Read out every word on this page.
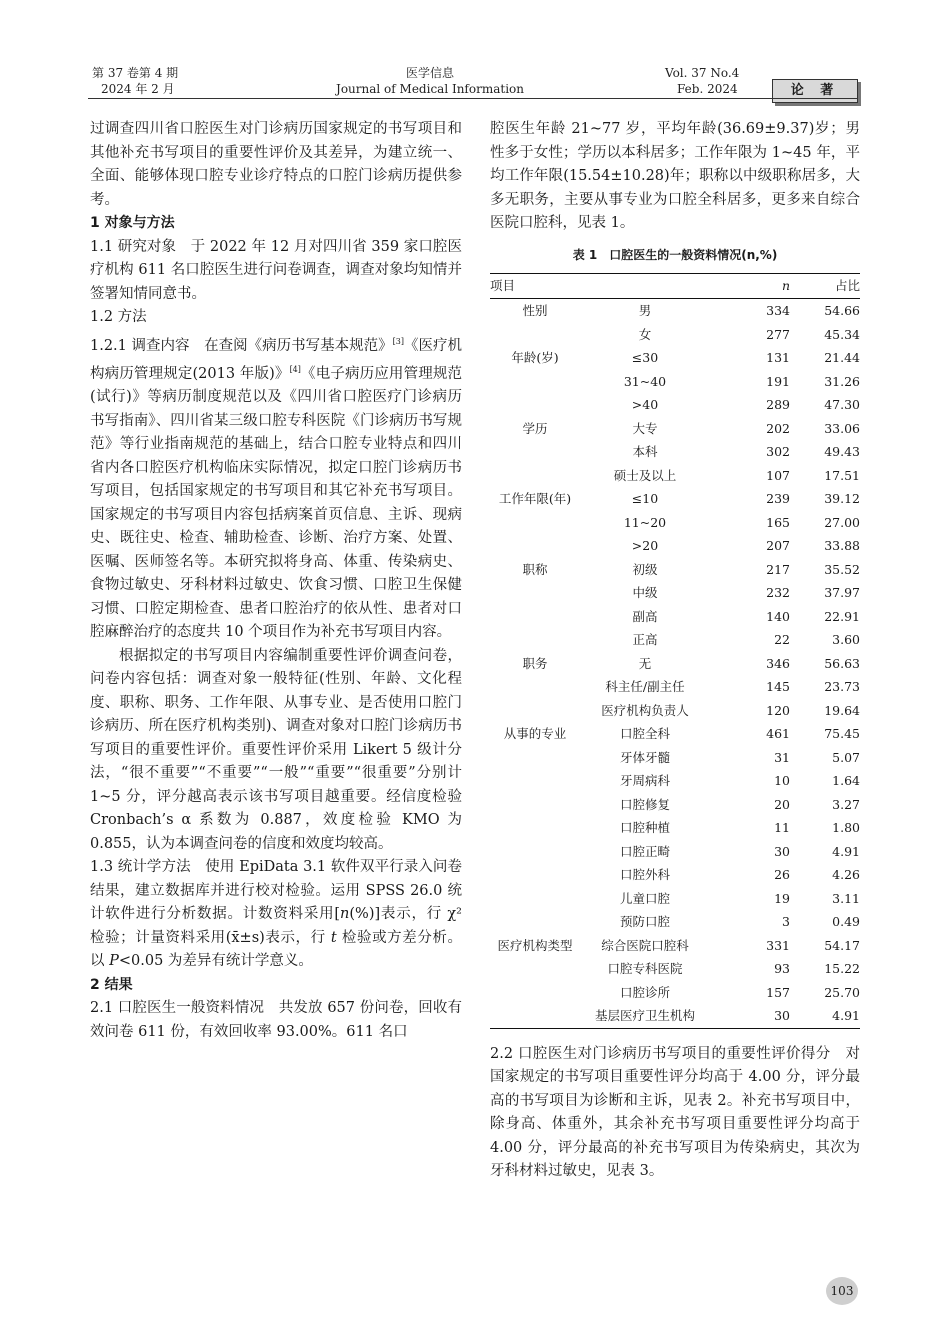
第 37 卷第 4 期
2024 年 2 月
医学信息
Journal of Medical Information
Vol. 37 No.4
Feb. 2024	论 著

过调查四川省口腔医生对门诊病历国家规定的书写项目和其他补充书写项目的重要性评价及其差异，为建立统一、全面、能够体现口腔专业诊疗特点的口腔门诊病历提供参考。

1 对象与方法

1.1 研究对象　 于 2022 年 12 月对四川省 359 家口腔医疗机构 611 名口腔医生进行问卷调查，调查对象均知情并签署知情同意书。

1.2 方法

1.2.1 调查内容　 在查阅《病历书写基本规范》[3]《医疗机构病历管理规定(2013 年版)》[4]《电子病历应用管理规范(试行)》等病历制度规范以及《四川省口腔医疗门诊病历书写指南》、四川省某三级口腔专科医院《门诊病历书写规范》等行业指南规范的基础上，结合口腔专业特点和四川省内各口腔医疗机构临床实际情况，拟定口腔门诊病历书写项目，包括国家规定的书写项目和其它补充书写项目。国家规定的书写项目内容包括病案首页信息、主诉、现病史、既往史、检查、辅助检查、诊断、治疗方案、处置、医嘱、医师签名等。本研究拟将身高、体重、传染病史、食物过敏史、牙科材料过敏史、饮食习惯、口腔卫生保健习惯、口腔定期检查、患者口腔治疗的依从性、患者对口腔麻醉治疗的态度共 10 个项目作为补充书写项目内容。

根据拟定的书写项目内容编制重要性评价调查问卷，问卷内容包括：调查对象一般特征(性别、年龄、文化程度、职称、职务、工作年限、从事专业、是否使用口腔门诊病历、所在医疗机构类别)、调查对象对口腔门诊病历书写项目的重要性评价。重要性评价采用 Likert 5 级计分法，“很不重要”“不重要”“一般”“重要”“很重要”分别计 1~5 分，评分越高表示该书写项目越重要。经信度检验 Cronbach’s α 系数为 0.887，效度检验 KMO 为 0.855，认为本调查问卷的信度和效度均较高。

1.3 统计学方法　 使用 EpiData 3.1 软件双平行录入问卷结果，建立数据库并进行校对检验。运用 SPSS 26.0 统计软件进行分析数据。计数资料采用[n(%)]表示，行 χ² 检验；计量资料采用(x̄±s)表示，行 t 检验或方差分析。以 P<0.05 为差异有统计学意义。

2 结果

2.1 口腔医生一般资料情况　 共发放 657 份问卷，回收有效问卷 611 份，有效回收率 93.00%。611 名口

腔医生年龄 21~77 岁，平均年龄(36.69±9.37)岁；男性多于女性；学历以本科居多；工作年限为 1~45 年，平均工作年限(15.54±10.28)年；职称以中级职称居多，大多无职务，主要从事专业为口腔全科居多，更多来自综合医院口腔科，见表 1。

表 1　口腔医生的一般资料情况(n,%)
项目		n	占比
性别	男	334	54.66
	女	277	45.34
年龄(岁)	≤30	131	21.44
	31~40	191	31.26
	>40	289	47.30
学历	大专	202	33.06
	本科	302	49.43
	硕士及以上	107	17.51
工作年限(年)	≤10	239	39.12
	11~20	165	27.00
	>20	207	33.88
职称	初级	217	35.52
	中级	232	37.97
	副高	140	22.91
	正高	22	3.60
职务	无	346	56.63
	科主任/副主任	145	23.73
	医疗机构负责人	120	19.64
从事的专业	口腔全科	461	75.45
	牙体牙髓	31	5.07
	牙周病科	10	1.64
	口腔修复	20	3.27
	口腔种植	11	1.80
	口腔正畸	30	4.91
	口腔外科	26	4.26
	儿童口腔	19	3.11
	预防口腔	3	0.49
医疗机构类型	综合医院口腔科	331	54.17
	口腔专科医院	93	15.22
	口腔诊所	157	25.70
	基层医疗卫生机构	30	4.91

2.2 口腔医生对门诊病历书写项目的重要性评价得分　 对国家规定的书写项目重要性评分均高于 4.00 分，评分最高的书写项目为诊断和主诉，见表 2。补充书写项目中，除身高、体重外，其余补充书写项目重要性评分均高于 4.00 分，评分最高的补充书写项目为传染病史，其次为牙科材料过敏史，见表 3。

103
